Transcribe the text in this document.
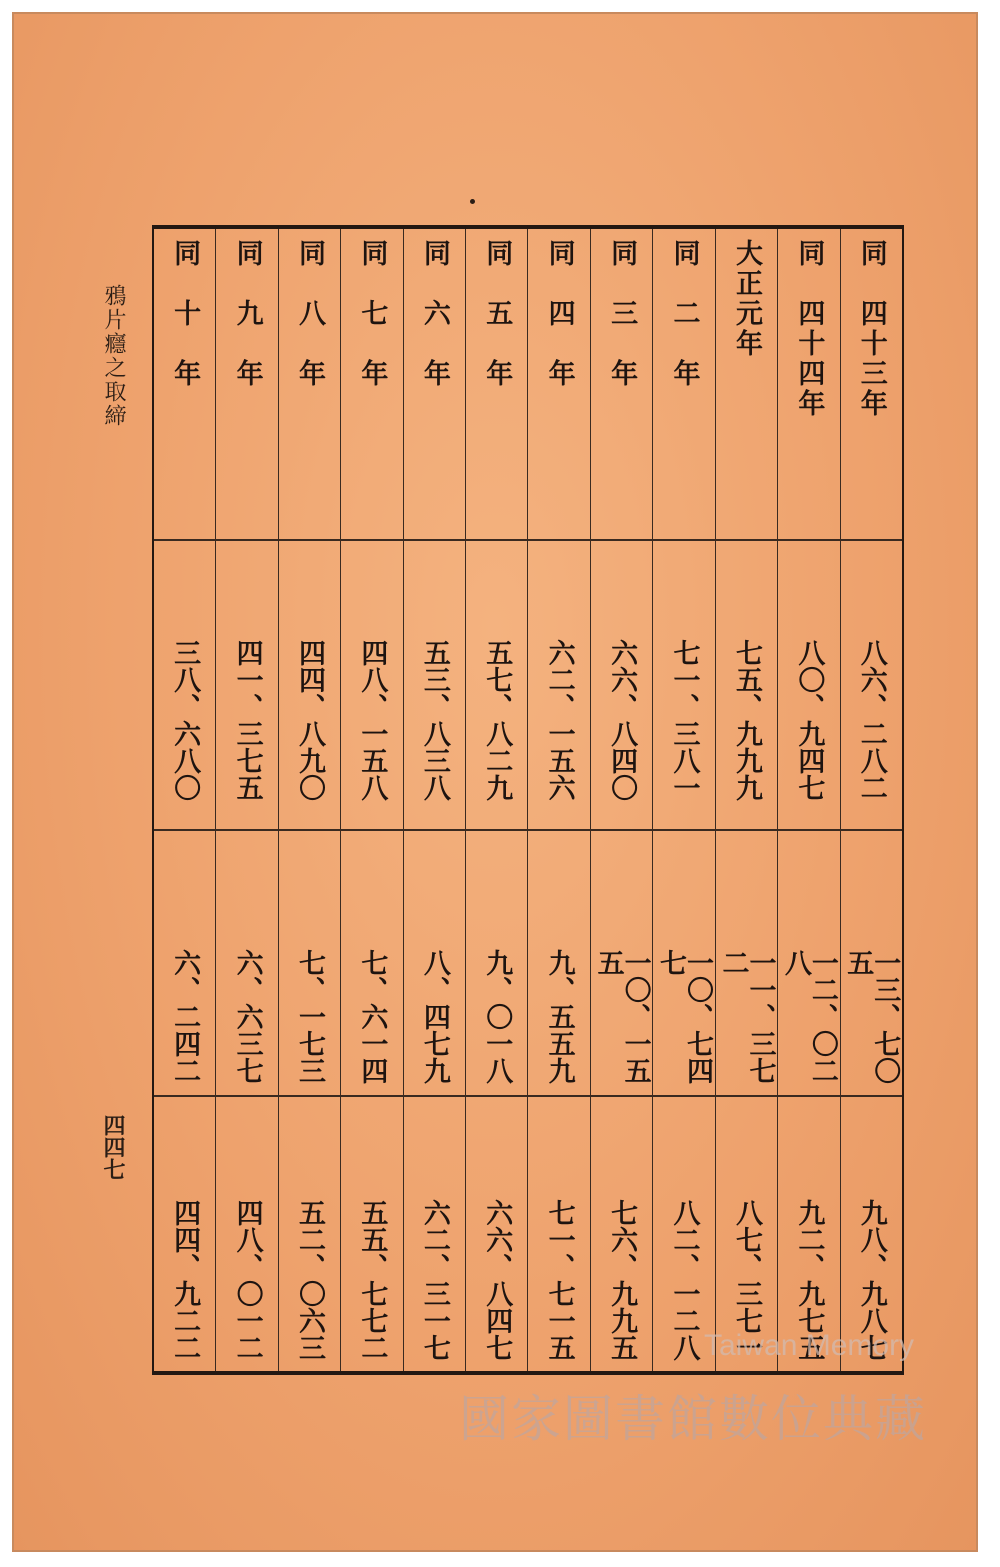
鴉片癮之取締
四四七
同　四十三年
八六、二八二
一三、七〇五
九八、九八七
同　四十四年
八〇、九四七
一二、〇二八
九二、九七五
大正元年
七五、九九九
一一、三七二
八七、三七一
同　二　年
七一、三八一
一〇、七四七
八二、一二八
同　三　年
六六、八四〇
一〇、一五五
七六、九九五
同　四　年
六二、一五六
九、五五九
七一、七一五
同　五　年
五七、八二九
九、〇一八
六六、八四七
同　六　年
五三、八三八
八、四七九
六二、三一七
同　七　年
四八、一五八
七、六一四
五五、七七二
同　八　年
四四、八九〇
七、一七三
五二、〇六三
同　九　年
四一、三七五
六、六三七
四八、〇一二
同　十　年
三八、六八〇
六、二四二
四四、九二二	Taiwan Memory
國家圖書館數位典藏
